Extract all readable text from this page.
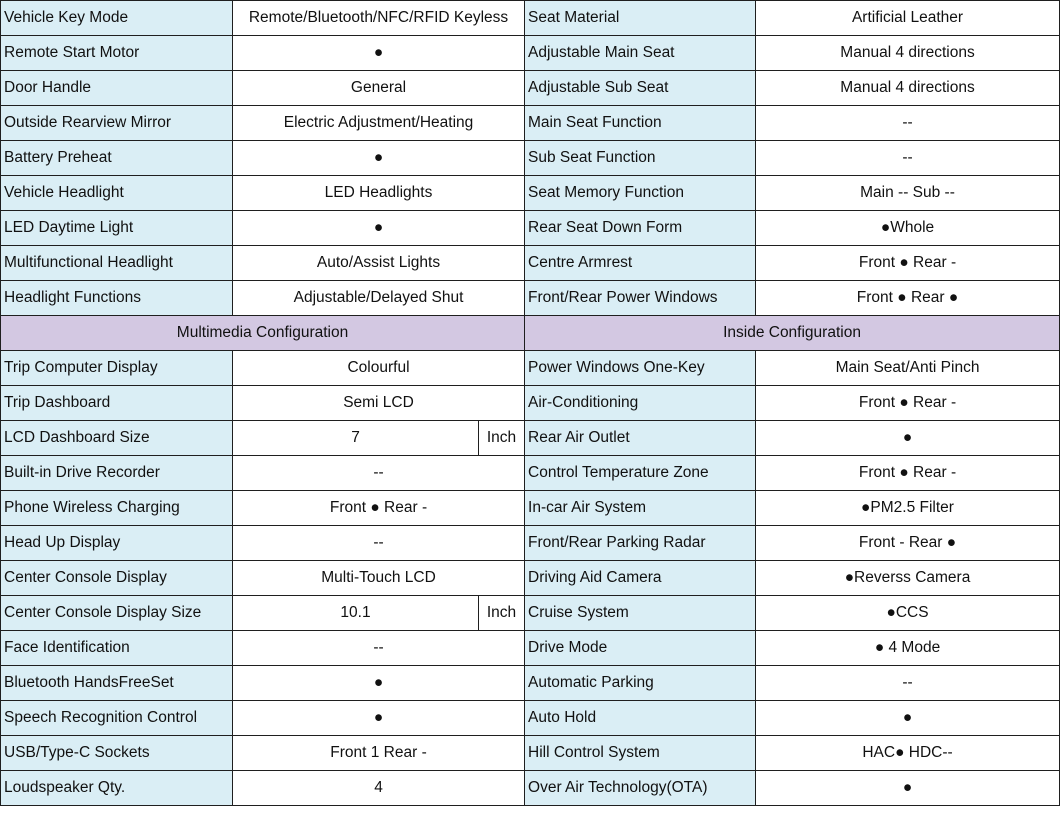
Vehicle Key Mode	Remote/Bluetooth/NFC/RFID Keyless		Seat Material	Artificial Leather
Remote Start Motor	●		Adjustable Main Seat	Manual 4 directions
Door Handle	General		Adjustable Sub Seat	Manual 4 directions
Outside Rearview Mirror	Electric Adjustment/Heating		Main Seat Function	--
Battery Preheat	●		Sub Seat Function	--
Vehicle Headlight	LED Headlights		Seat Memory Function	Main -- Sub --
LED Daytime Light	●		Rear Seat Down Form	●Whole
Multifunctional Headlight	Auto/Assist Lights		Centre Armrest	Front ● Rear -
Headlight Functions	Adjustable/Delayed Shut		Front/Rear Power Windows	Front ● Rear ●
Multimedia Configuration			Inside Configuration	
Trip Computer Display	Colourful		Power Windows One-Key	Main Seat/Anti Pinch
Trip Dashboard	Semi LCD		Air-Conditioning	Front ● Rear -
LCD Dashboard Size	7	Inch	Rear Air Outlet	●
Built-in Drive Recorder	--		Control Temperature Zone	Front ● Rear -
Phone Wireless Charging	Front ● Rear -		In-car Air System	●PM2.5 Filter
Head Up Display	--		Front/Rear Parking Radar	Front - Rear ●
Center Console Display	Multi-Touch LCD		Driving Aid Camera	●Reverss Camera
Center Console Display Size	10.1	Inch	Cruise System	●CCS
Face Identification	--		Drive Mode	● 4 Mode
Bluetooth HandsFreeSet	●		Automatic Parking	--
Speech Recognition Control	●		Auto Hold	●
USB/Type-C Sockets	Front 1 Rear -		Hill Control System	HAC● HDC--
Loudspeaker Qty.	4		Over Air Technology(OTA)	●
